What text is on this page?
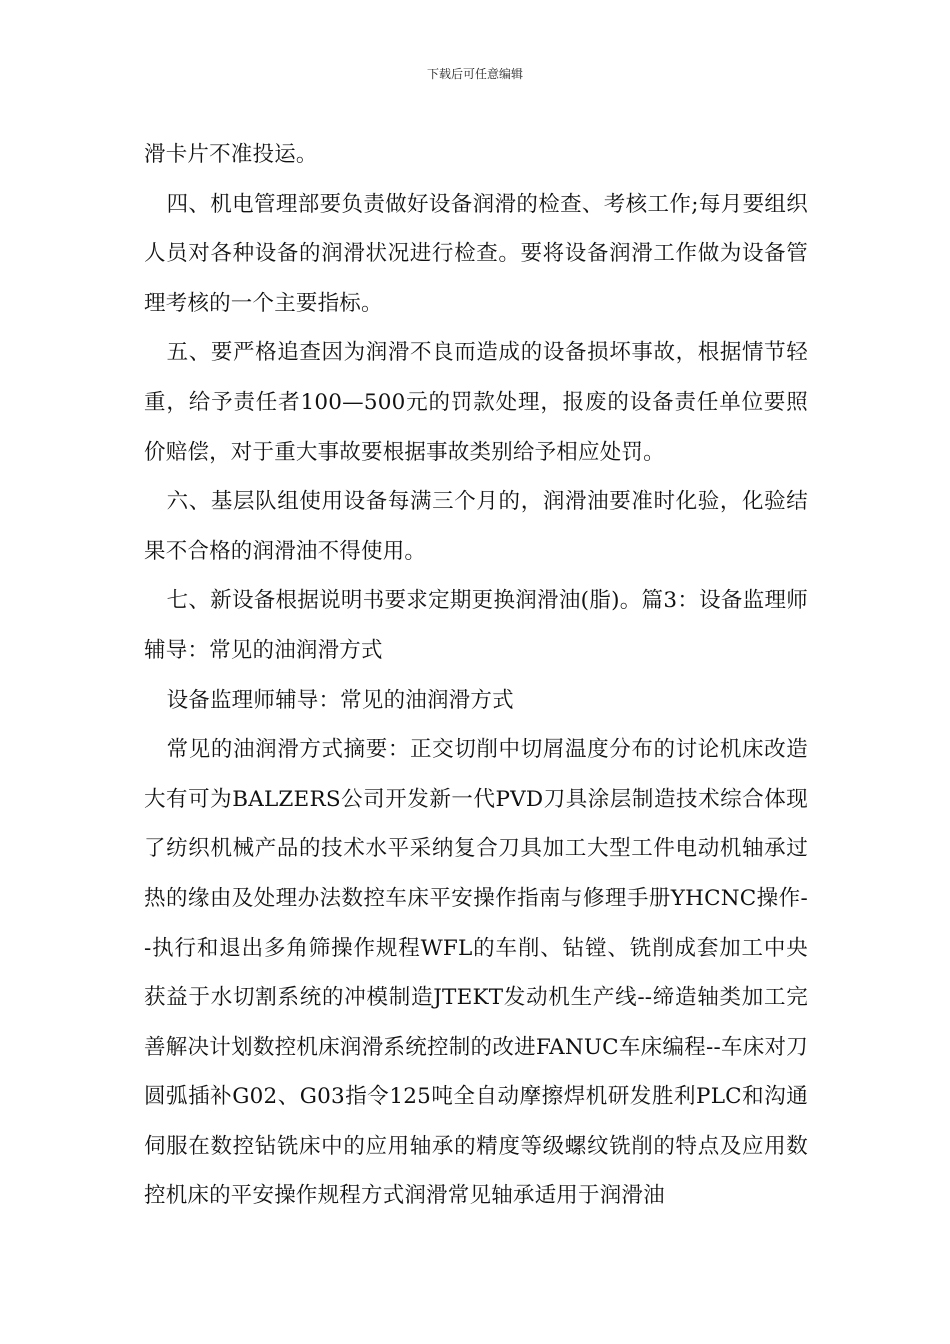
下载后可任意编辑

滑卡片不准投运。

四、机电管理部要负责做好设备润滑的检查、考核工作;每月要组织人员对各种设备的润滑状况进行检查。要将设备润滑工作做为设备管理考核的一个主要指标。

五、要严格追查因为润滑不良而造成的设备损坏事故，根据情节轻重，给予责任者100—500元的罚款处理，报废的设备责任单位要照价赔偿，对于重大事故要根据事故类别给予相应处罚。

六、基层队组使用设备每满三个月的，润滑油要准时化验，化验结果不合格的润滑油不得使用。

七、新设备根据说明书要求定期更换润滑油(脂)。篇3：设备监理师辅导：常见的油润滑方式

设备监理师辅导：常见的油润滑方式

常见的油润滑方式摘要：正交切削中切屑温度分布的讨论机床改造大有可为BALZERS公司开发新一代PVD刀具涂层制造技术综合体现了纺织机械产品的技术水平采纳复合刀具加工大型工件电动机轴承过热的缘由及处理办法数控车床平安操作指南与修理手册YHCNC操作--执行和退出多角筛操作规程WFL的车削、钻镗、铣削成套加工中央获益于水切割系统的冲模制造JTEKT发动机生产线--缔造轴类加工完善解决计划数控机床润滑系统控制的改进FANUC车床编程--车床对刀圆弧插补G02、G03指令125吨全自动摩擦焊机研发胜利PLC和沟通伺服在数控钻铣床中的应用轴承的精度等级螺纹铣削的特点及应用数控机床的平安操作规程方式润滑常见轴承适用于润滑油
